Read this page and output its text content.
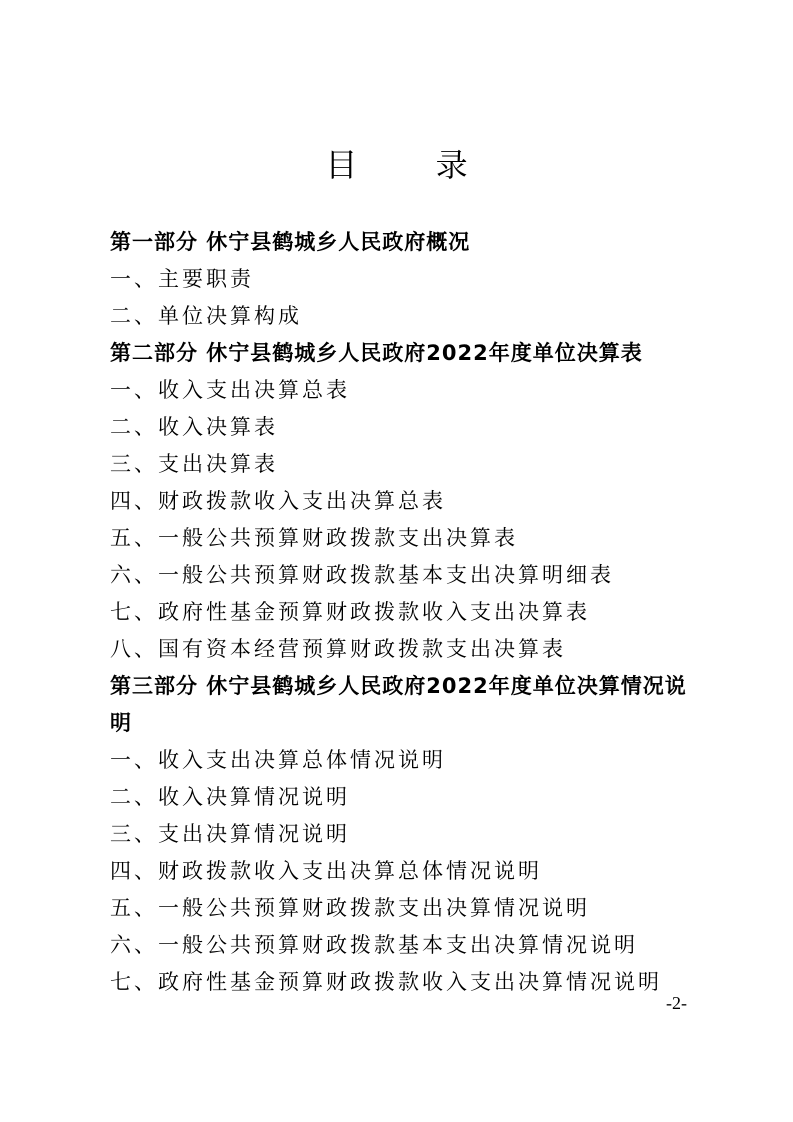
目 录
第一部分 休宁县鹤城乡人民政府概况
一、主要职责
二、单位决算构成
第二部分 休宁县鹤城乡人民政府2022年度单位决算表
一、收入支出决算总表
二、收入决算表
三、支出决算表
四、财政拨款收入支出决算总表
五、一般公共预算财政拨款支出决算表
六、一般公共预算财政拨款基本支出决算明细表
七、政府性基金预算财政拨款收入支出决算表
八、国有资本经营预算财政拨款支出决算表
第三部分 休宁县鹤城乡人民政府2022年度单位决算情况说明
一、收入支出决算总体情况说明
二、收入决算情况说明
三、支出决算情况说明
四、财政拨款收入支出决算总体情况说明
五、一般公共预算财政拨款支出决算情况说明
六、一般公共预算财政拨款基本支出决算情况说明
七、政府性基金预算财政拨款收入支出决算情况说明
-2-
